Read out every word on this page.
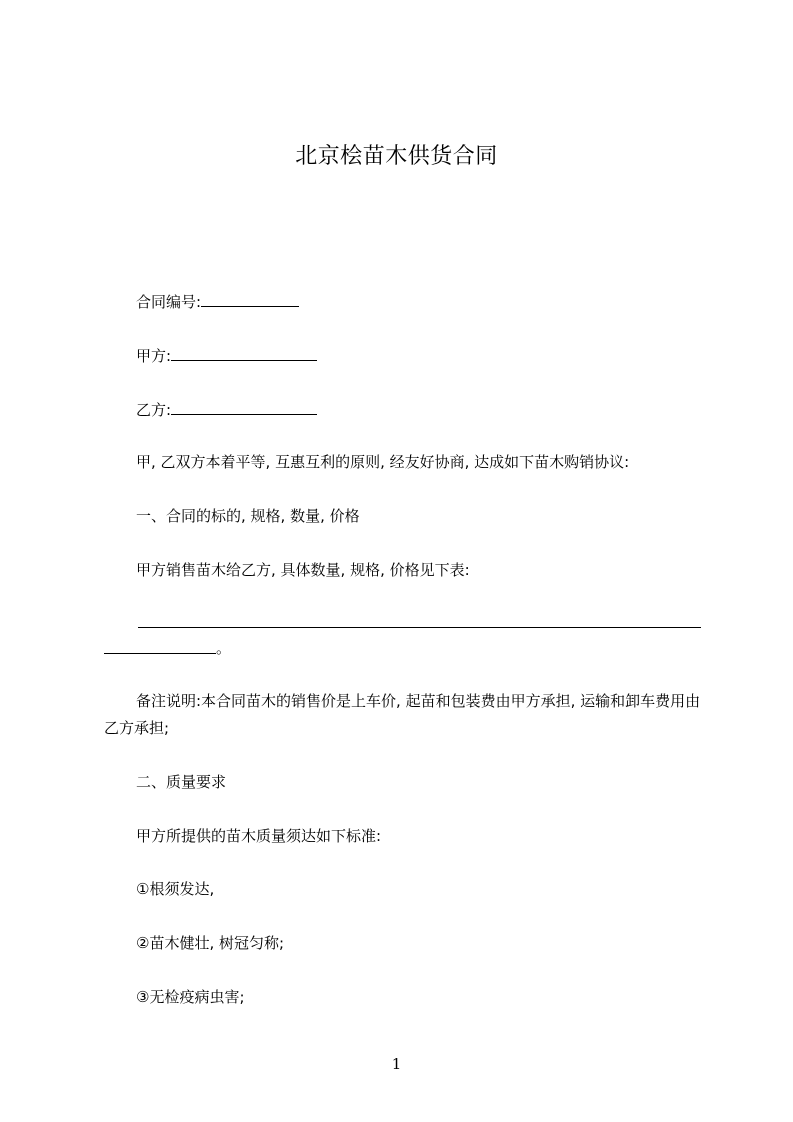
北京桧苗木供货合同
合同编号:
甲方:
乙方:
甲, 乙双方本着平等, 互惠互利的原则, 经友好协商, 达成如下苗木购销协议:
一、合同的标的, 规格, 数量, 价格
甲方销售苗木给乙方, 具体数量, 规格, 价格见下表:
。
备注说明:本合同苗木的销售价是上车价, 起苗和包装费由甲方承担, 运输和卸车费用由乙方承担;
二、质量要求
甲方所提供的苗木质量须达如下标准:
①根须发达,
②苗木健壮, 树冠匀称;
③无检疫病虫害;
1
